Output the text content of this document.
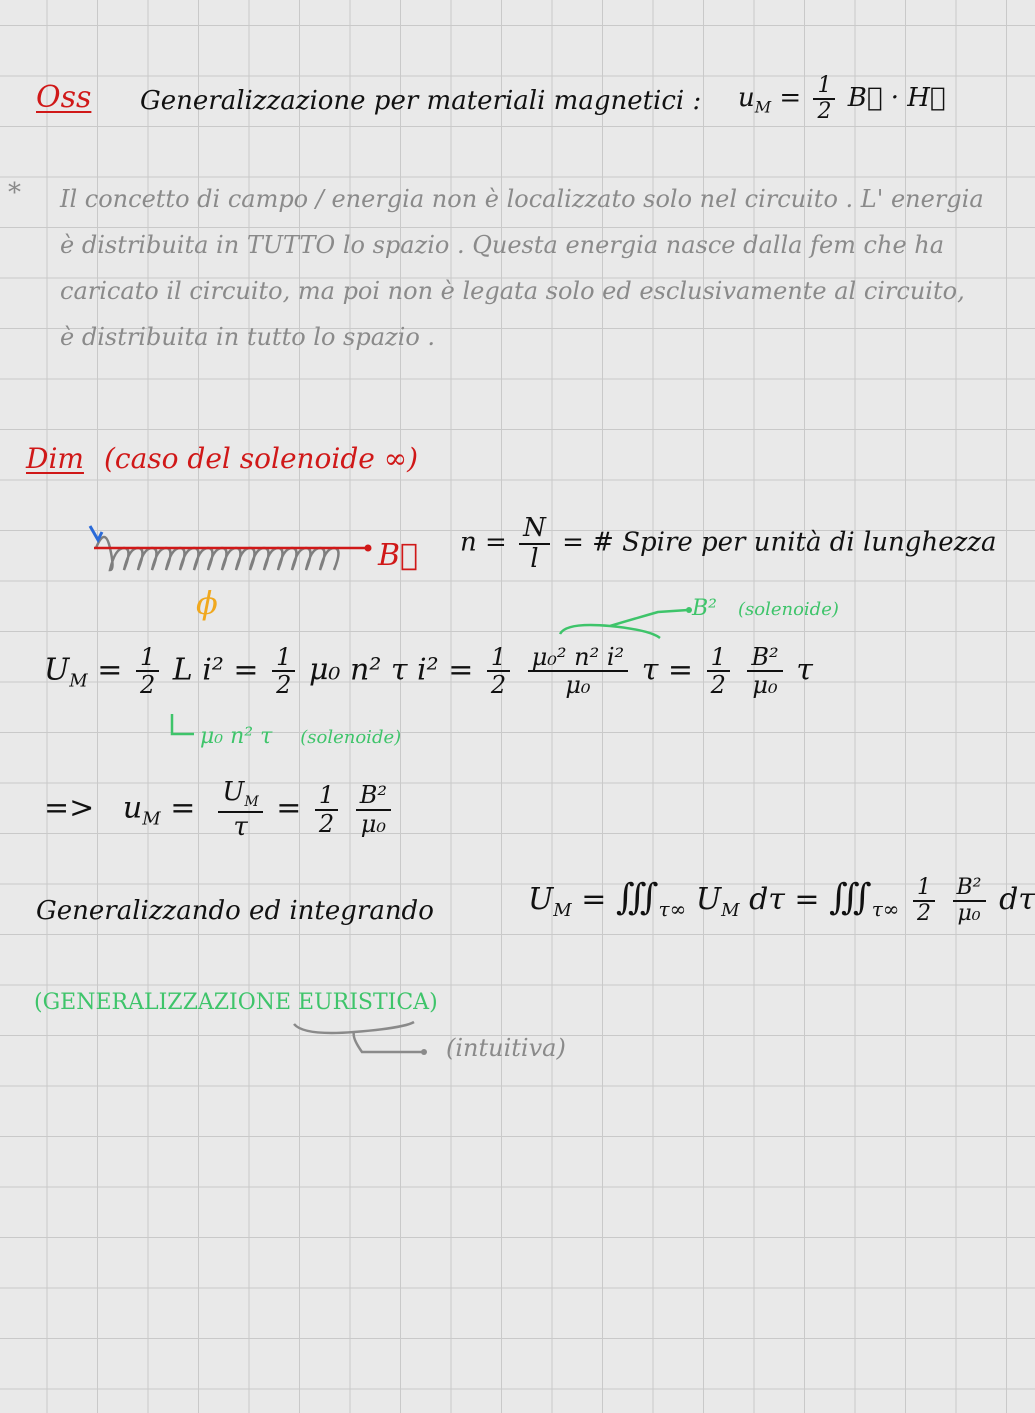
Oss Generalizzazione per materiali magnetici : $u_M = \frac{1}{2}$ B⃗ · H⃗
* Il concetto di campo / energia non è localizzato solo nel circuito . L' energia è distribuita in TUTTO lo spazio . Questa energia nasce dalla fem che ha caricato il circuito, ma poi non è legata solo ed esclusivamente al circuito, è distribuita in tutto lo spazio .
Dim (caso del solenoide ∞)
B⃗
ϕ
$n = \frac{N}{l}$ = # Spire per unità di lunghezza
B² (solenoide)
$U_M = \frac{1}{2}$ L $i^2 = \frac{1}{2} \mu_0$ n² τ $i^2 = \frac{1}{2}$
$\frac{\text{μ₀² n² i²}}{\text{μ₀}}$ $\tau = \frac{1}{2}$
$\frac{\text{B²}}{\text{μ₀}}$ τ
μ₀ n² τ (solenoide)
=> $u_M = \frac{U_M}{\tau} = \frac{1}{2}$
$\frac{\text{B²}}{\text{μ₀}}$
Generalizzando ed integrando	$U_M$ = $∭_{\tau\infty}$ $U_M$ $d\tau = ∭_{\tau\infty} \frac{1}{2}$
$\frac{\text{B²}}{\text{μ₀}}$ dτ
(GENERALIZZAZIONE EURISTICA)
(intuitiva)
